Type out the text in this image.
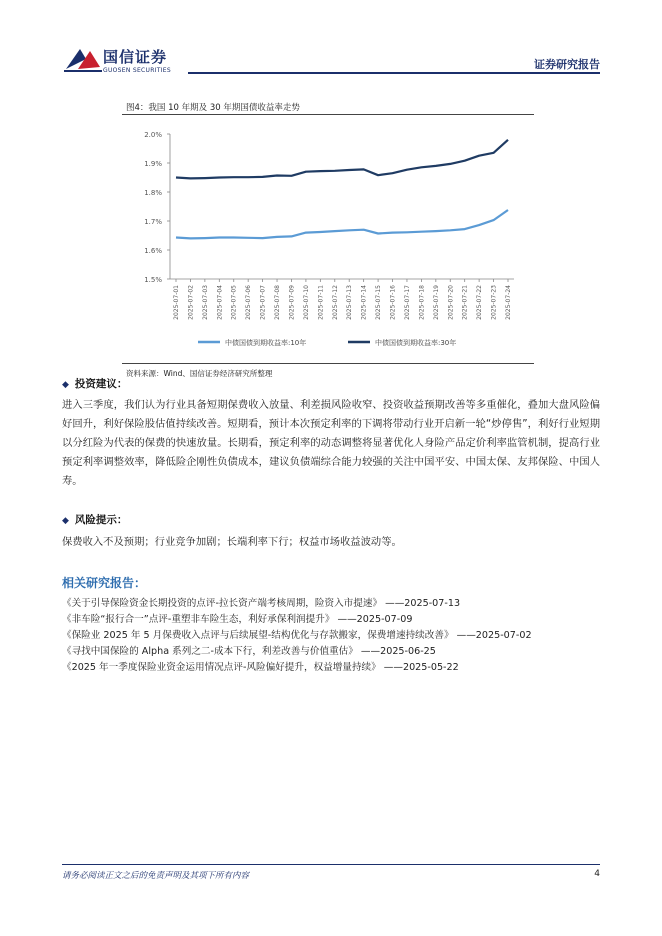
国信证券
GUOSEN SECURITIES	证券研究报告
图4：我国 10 年期及 30 年期国债收益率走势
1.5%
1.6%
1.7%
1.8%
1.9%
2.0%
2025-07-01 2025-07-02 2025-07-03 2025-07-04 2025-07-05 2025-07-06 2025-07-07 2025-07-08 2025-07-09 2025-07-10 2025-07-11 2025-07-12 2025-07-13 2025-07-14 2025-07-15 2025-07-16 2025-07-17 2025-07-18 2025-07-19 2025-07-20 2025-07-21 2025-07-22 2025-07-23 2025-07-24
中债国债到期收益率:10年	中债国债到期收益率:30年
资料来源：Wind、国信证券经济研究所整理
◆ 投资建议：
进入三季度，我们认为行业具备短期保费收入放量、利差损风险收窄、投资收益预期改善等多重催化，叠加大盘风险偏好回升，利好保险股估值持续改善。短期看，预计本次预定利率的下调将带动行业开启新一轮“炒停售”，利好行业短期以分红险为代表的保费的快速放量。长期看，预定利率的动态调整将显著优化人身险产品定价利率监管机制，提高行业预定利率调整效率，降低险企刚性负债成本，建议负债端综合能力较强的关注中国平安、中国太保、友邦保险、中国人寿。
◆ 风险提示：
保费收入不及预期；行业竞争加剧；长端利率下行；权益市场收益波动等。
相关研究报告：
《关于引导保险资金长期投资的点评-拉长资产端考核周期，险资入市提速》 ——2025-07-13
《非车险“报行合一”点评-重塑非车险生态，利好承保利润提升》 ——2025-07-09
《保险业 2025 年 5 月保费收入点评与后续展望-结构优化与存款搬家，保费增速持续改善》 ——2025-07-02
《寻找中国保险的 Alpha 系列之二-成本下行，利差改善与价值重估》 ——2025-06-25
《2025 年一季度保险业资金运用情况点评-风险偏好提升，权益增量持续》 ——2025-05-22
请务必阅读正文之后的免责声明及其项下所有内容	4
